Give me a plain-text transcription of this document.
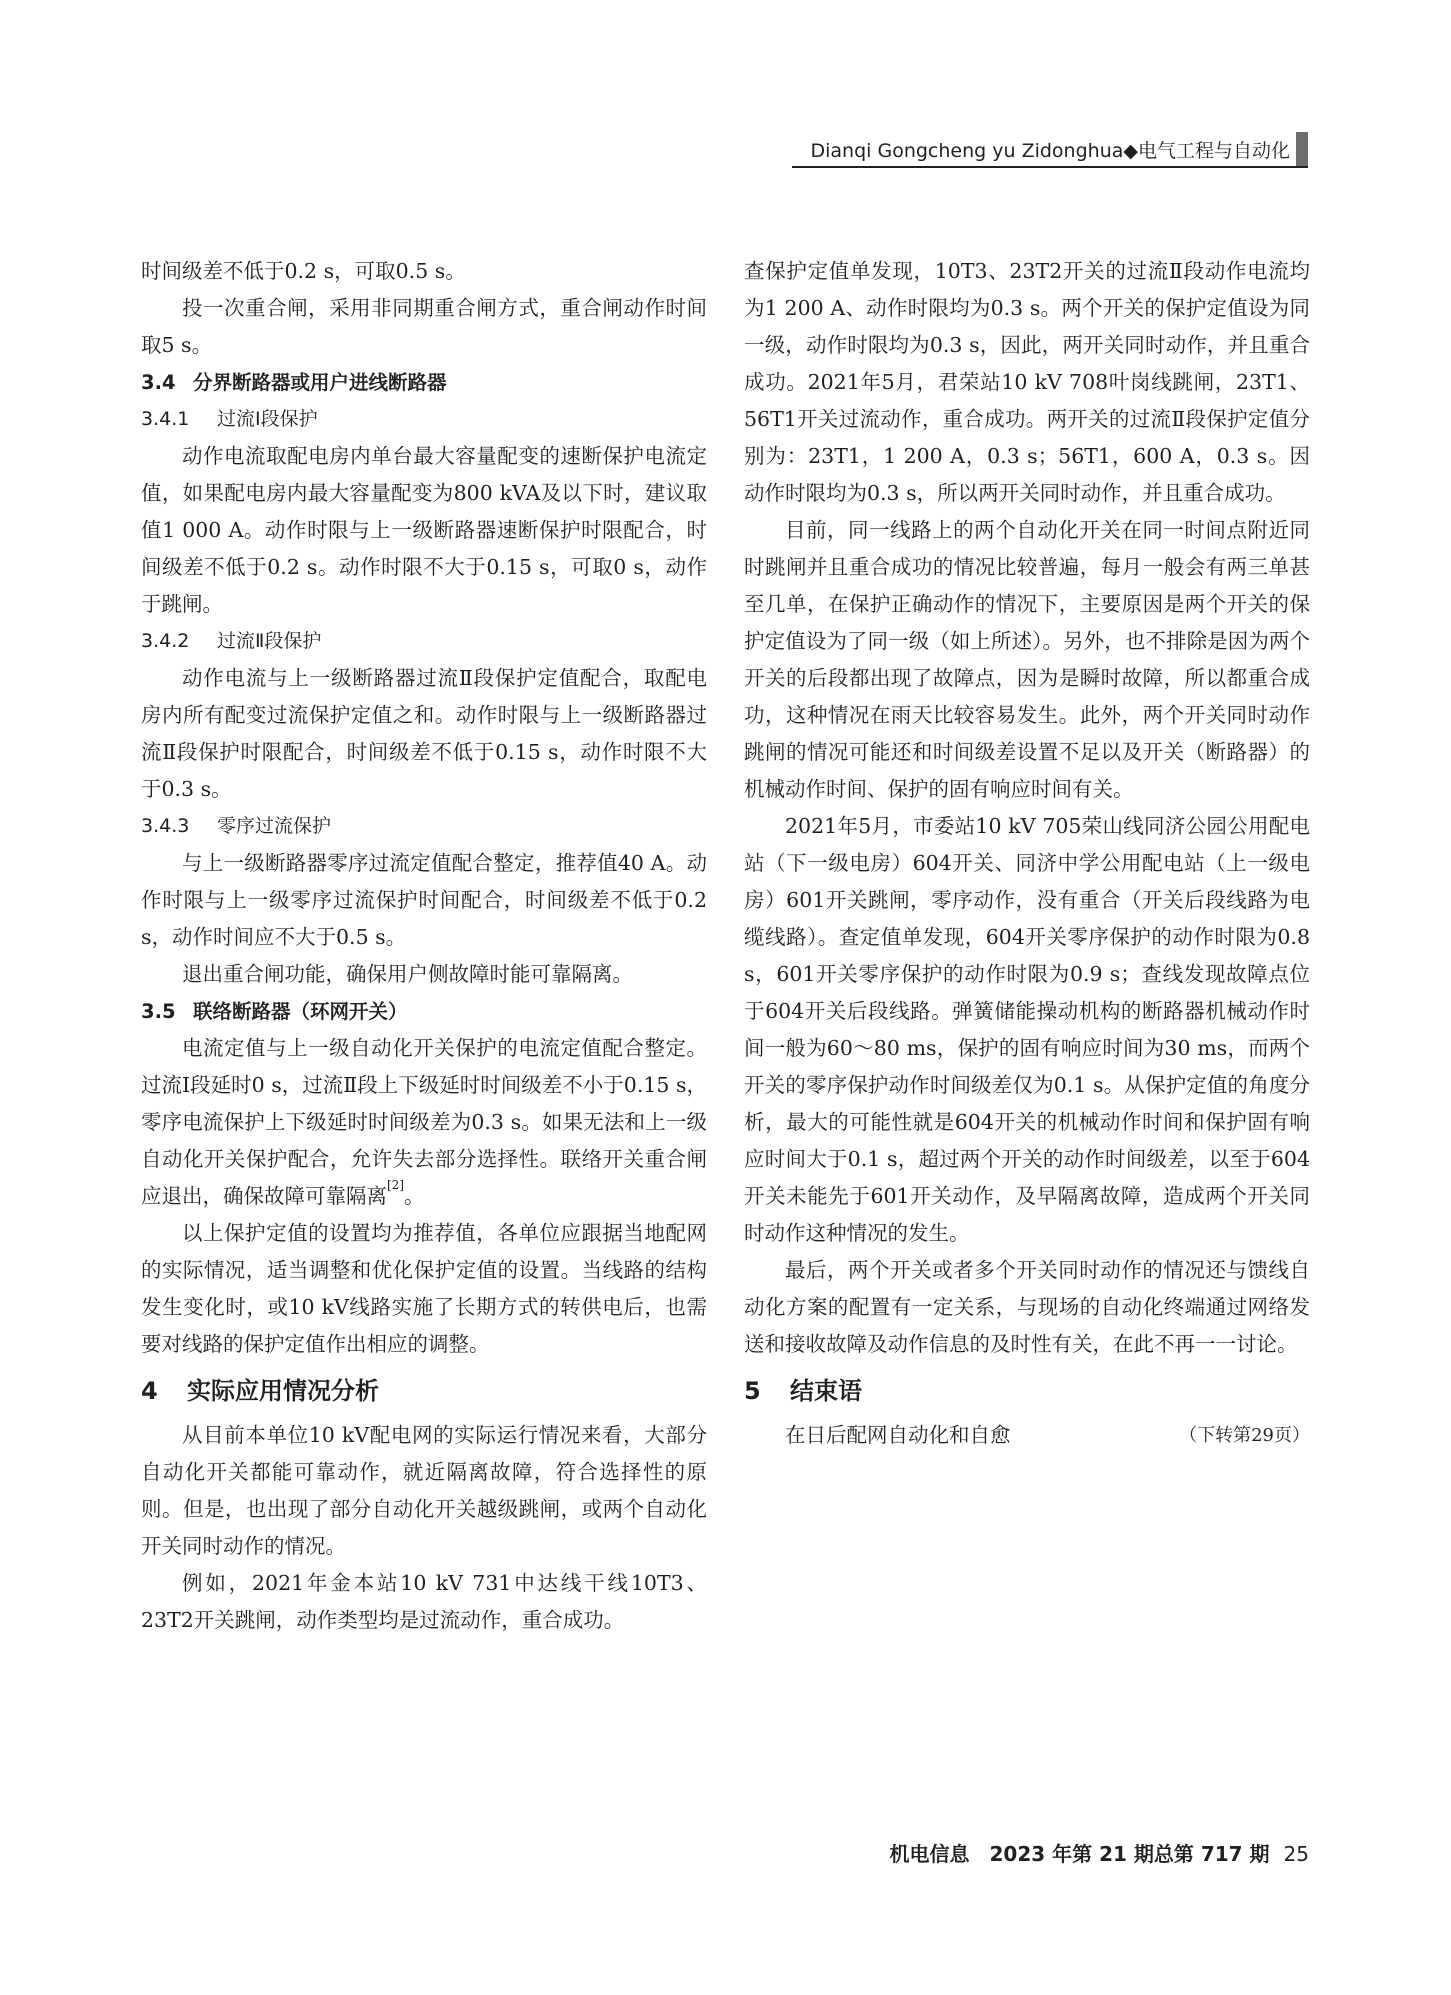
Dianqi Gongcheng yu Zidonghua◆电气工程与自动化

时间级差不低于0.2 s，可取0.5 s。

投一次重合闸，采用非同期重合闸方式，重合闸动作时间取5 s。

3.4 分界断路器或用户进线断路器
3.4.1 过流Ⅰ段保护

动作电流取配电房内单台最大容量配变的速断保护电流定值，如果配电房内最大容量配变为800 kVA及以下时，建议取值1 000 A。动作时限与上一级断路器速断保护时限配合，时间级差不低于0.2 s。动作时限不大于0.15 s，可取0 s，动作于跳闸。

3.4.2 过流Ⅱ段保护

动作电流与上一级断路器过流Ⅱ段保护定值配合，取配电房内所有配变过流保护定值之和。动作时限与上一级断路器过流Ⅱ段保护时限配合，时间级差不低于0.15 s，动作时限不大于0.3 s。

3.4.3 零序过流保护

与上一级断路器零序过流定值配合整定，推荐值40 A。动作时限与上一级零序过流保护时间配合，时间级差不低于0.2 s，动作时间应不大于0.5 s。

退出重合闸功能，确保用户侧故障时能可靠隔离。

3.5 联络断路器（环网开关）

电流定值与上一级自动化开关保护的电流定值配合整定。过流Ⅰ段延时0 s，过流Ⅱ段上下级延时时间级差不小于0.15 s，零序电流保护上下级延时时间级差为0.3 s。如果无法和上一级自动化开关保护配合，允许失去部分选择性。联络开关重合闸应退出，确保故障可靠隔离[2]。

以上保护定值的设置均为推荐值，各单位应跟据当地配网的实际情况，适当调整和优化保护定值的设置。当线路的结构发生变化时，或10 kV线路实施了长期方式的转供电后，也需要对线路的保护定值作出相应的调整。

4 实际应用情况分析

从目前本单位10 kV配电网的实际运行情况来看，大部分自动化开关都能可靠动作，就近隔离故障，符合选择性的原则。但是，也出现了部分自动化开关越级跳闸，或两个自动化开关同时动作的情况。

例如，2021年金本站10 kV 731中达线干线10T3、23T2开关跳闸，动作类型均是过流动作，重合成功。

查保护定值单发现，10T3、23T2开关的过流Ⅱ段动作电流均为1 200 A、动作时限均为0.3 s。两个开关的保护定值设为同一级，动作时限均为0.3 s，因此，两开关同时动作，并且重合成功。2021年5月，君荣站10 kV 708叶岗线跳闸，23T1、56T1开关过流动作，重合成功。两开关的过流Ⅱ段保护定值分别为：23T1，1 200 A，0.3 s；56T1，600 A，0.3 s。因动作时限均为0.3 s，所以两开关同时动作，并且重合成功。

目前，同一线路上的两个自动化开关在同一时间点附近同时跳闸并且重合成功的情况比较普遍，每月一般会有两三单甚至几单，在保护正确动作的情况下，主要原因是两个开关的保护定值设为了同一级（如上所述）。另外，也不排除是因为两个开关的后段都出现了故障点，因为是瞬时故障，所以都重合成功，这种情况在雨天比较容易发生。此外，两个开关同时动作跳闸的情况可能还和时间级差设置不足以及开关（断路器）的机械动作时间、保护的固有响应时间有关。

2021年5月，市委站10 kV 705荣山线同济公园公用配电站（下一级电房）604开关、同济中学公用配电站（上一级电房）601开关跳闸，零序动作，没有重合（开关后段线路为电缆线路）。查定值单发现，604开关零序保护的动作时限为0.8 s，601开关零序保护的动作时限为0.9 s；查线发现故障点位于604开关后段线路。弹簧储能操动机构的断路器机械动作时间一般为60～80 ms，保护的固有响应时间为30 ms，而两个开关的零序保护动作时间级差仅为0.1 s。从保护定值的角度分析，最大的可能性就是604开关的机械动作时间和保护固有响应时间大于0.1 s，超过两个开关的动作时间级差，以至于604开关未能先于601开关动作，及早隔离故障，造成两个开关同时动作这种情况的发生。

最后，两个开关或者多个开关同时动作的情况还与馈线自动化方案的配置有一定关系，与现场的自动化终端通过网络发送和接收故障及动作信息的及时性有关，在此不再一一讨论。

5 结束语
在日后配网自动化和自愈	（下转第29页）
机电信息　2023 年第 21 期总第 717 期 25
